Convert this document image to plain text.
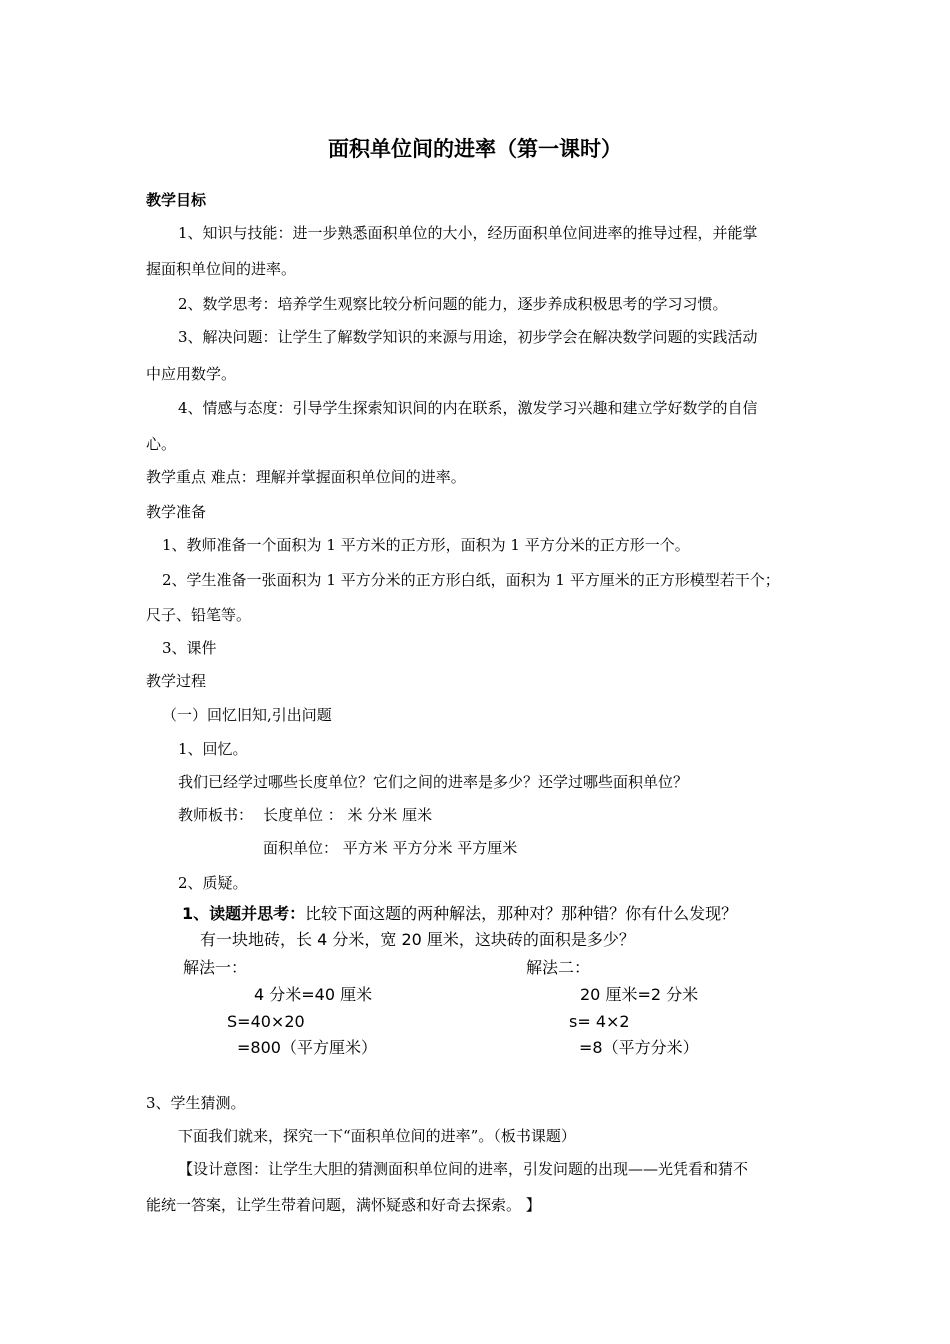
面积单位间的进率（第一课时）
教学目标
1、知识与技能：进一步熟悉面积单位的大小，经历面积单位间进率的推导过程，并能掌
握面积单位间的进率。
2、数学思考：培养学生观察比较分析问题的能力，逐步养成积极思考的学习习惯。
3、解决问题：让学生了解数学知识的来源与用途，初步学会在解决数学问题的实践活动
中应用数学。
4、情感与态度：引导学生探索知识间的内在联系，激发学习兴趣和建立学好数学的自信
心。
教学重点 难点：理解并掌握面积单位间的进率。
教学准备
1、教师准备一个面积为 1 平方米的正方形，面积为 1 平方分米的正方形一个。
2、学生准备一张面积为 1 平方分米的正方形白纸，面积为 1 平方厘米的正方形模型若干个；
尺子、铅笔等。
3、课件
教学过程
（一）回忆旧知,引出问题
1、回忆。
我们已经学过哪些长度单位？它们之间的进率是多少？还学过哪些面积单位？
教师板书： 长度单位 ： 米 分米 厘米
面积单位： 平方米 平方分米 平方厘米
2、质疑。
1、读题并思考：比较下面这题的两种解法，那种对？那种错？你有什么发现？
有一块地砖，长 4 分米，宽 20 厘米，这块砖的面积是多少？
解法一：
4 分米=40 厘米
S=40×20
=800（平方厘米）
解法二：
20 厘米=2 分米
s= 4×2
=8（平方分米）
3、学生猜测。
下面我们就来，探究一下“面积单位间的进率”。（板书课题）
【设计意图：让学生大胆的猜测面积单位间的进率，引发问题的出现——光凭看和猜不
能统一答案，让学生带着问题，满怀疑惑和好奇去探索。 】
